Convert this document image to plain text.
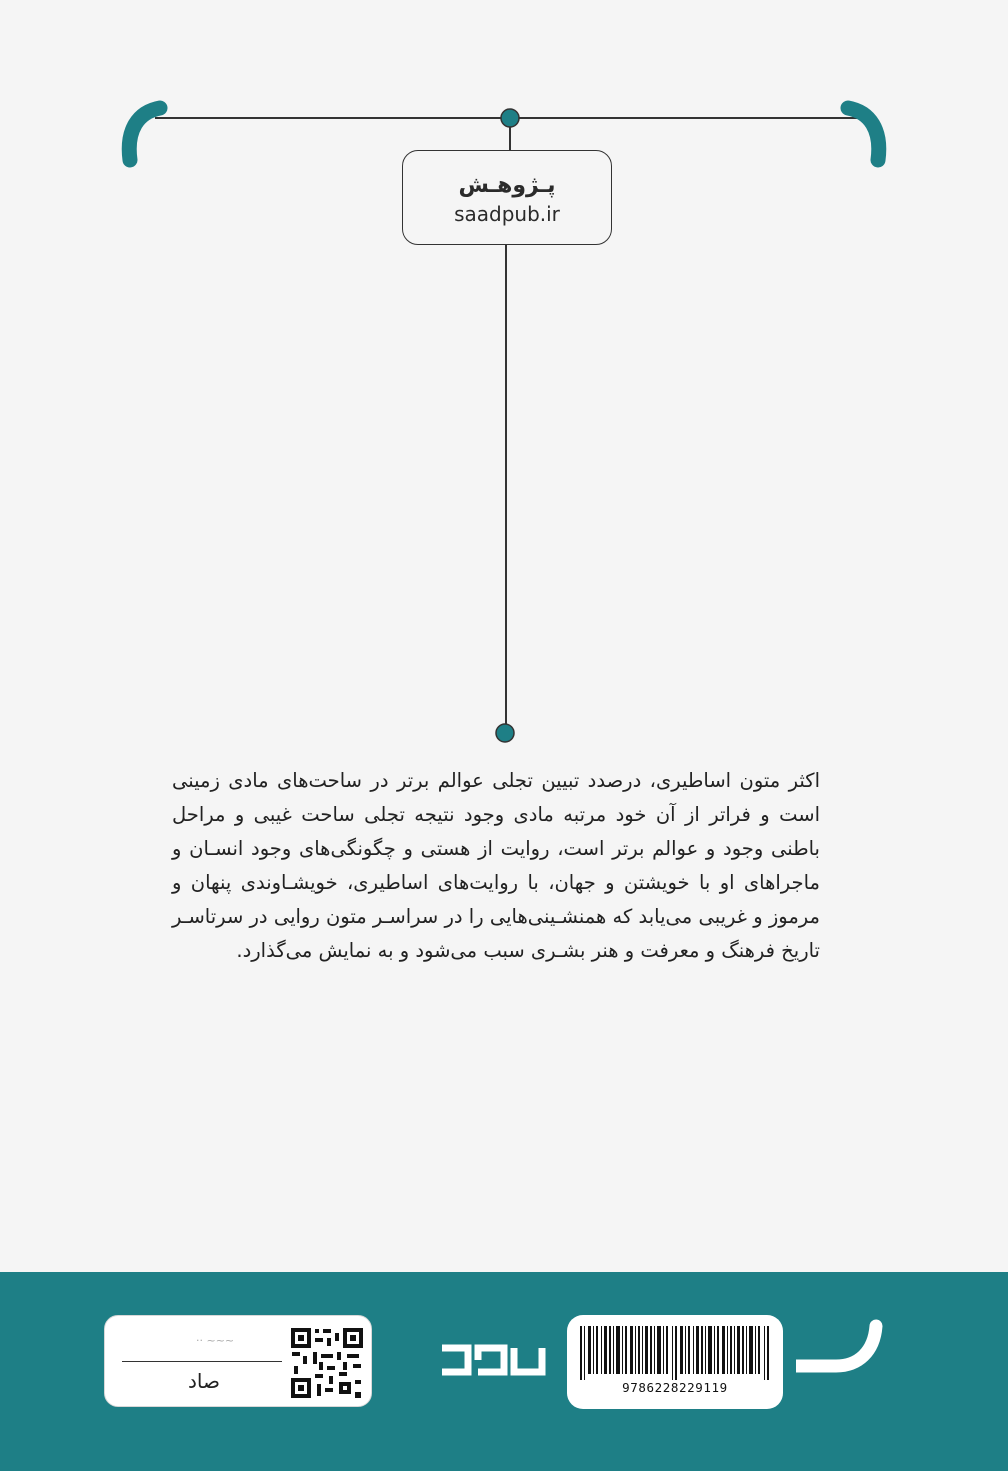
پـژوهـش
saadpub.ir
اکثر متون اساطیری، درصدد تبیین تجلی عوالم برتر در ساحت‌های مادی زمینی است و فراتر از آن خود مرتبه مادی وجود نتیجه تجلی ساحت غیبی و مراحل باطنی وجود و عوالم برتر است، روایت از هستی و چگونگی‌های وجود انسـان و ماجراهای او با خویشتن و جهان، با روایت‌های اساطیری، خویشـاوندی پنهان و مرموز و غریبی می‌یابد که همنشـینی‌هایی را در سراسـر متون روایی در سرتاسـر تاریخ فرهنگ و معرفت و هنر بشـری سبب می‌شود و به نمایش می‌گذارد.
~~~ ··
صاد	9786228229119
